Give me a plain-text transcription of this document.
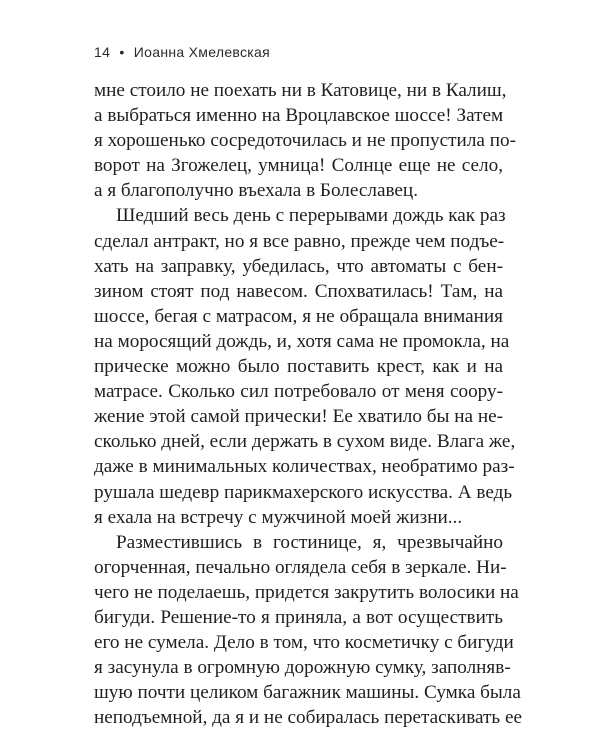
14 • Иоанна Хмелевская
мне стоило не поехать ни в Катовице, ни в Калиш,
а выбраться именно на Вроцлавское шоссе! Затем
я хорошенько сосредоточилась и не пропустила по-
ворот на Згожелец, умница! Солнце еще не село,
а я благополучно въехала в Болеславец.
Шедший весь день с перерывами дождь как раз
сделал антракт, но я все равно, прежде чем подъе-
хать на заправку, убедилась, что автоматы с бен-
зином стоят под навесом. Спохватилась! Там, на
шоссе, бегая с матрасом, я не обращала внимания
на моросящий дождь, и, хотя сама не промокла, на
прическе можно было поставить крест, как и на
матрасе. Сколько сил потребовало от меня соору-
жение этой самой прически! Ее хватило бы на не-
сколько дней, если держать в сухом виде. Влага же,
даже в минимальных количествах, необратимо раз-
рушала шедевр парикмахерского искусства. А ведь
я ехала на встречу с мужчиной моей жизни...
Разместившись в гостинице, я, чрезвычайно
огорченная, печально оглядела себя в зеркале. Ни-
чего не поделаешь, придется закрутить волосики на
бигуди. Решение-то я приняла, а вот осуществить
его не сумела. Дело в том, что косметичку с бигуди
я засунула в огромную дорожную сумку, заполняв-
шую почти целиком багажник машины. Сумка была
неподъемной, да я и не собиралась перетаскивать ее
